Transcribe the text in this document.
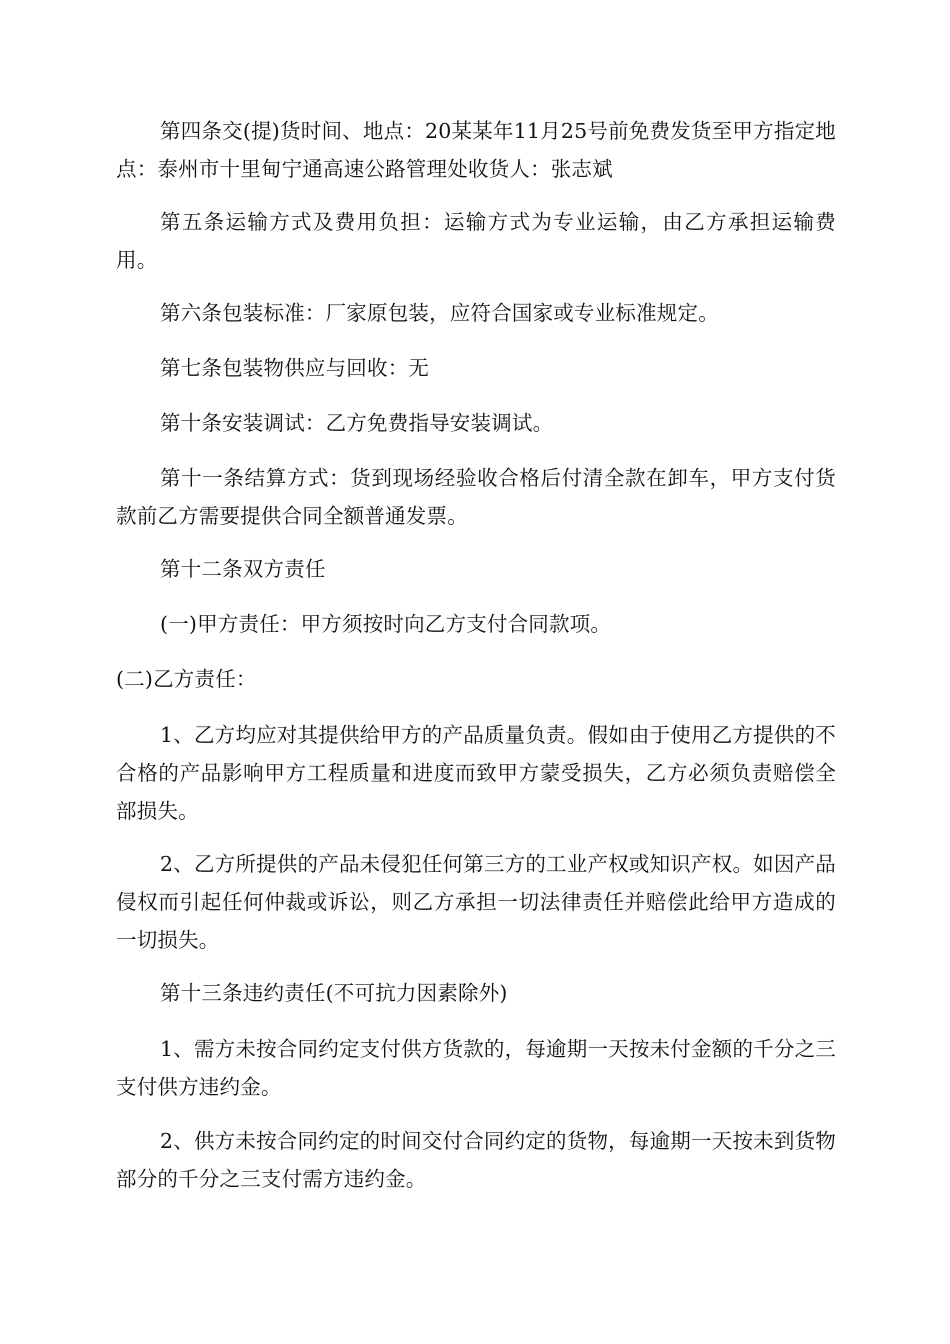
第四条交(提)货时间、地点：20某某年11月25号前免费发货至甲方指定地点：泰州市十里甸宁通高速公路管理处收货人：张志斌

第五条运输方式及费用负担：运输方式为专业运输，由乙方承担运输费用。

第六条包装标准：厂家原包装，应符合国家或专业标准规定。

第七条包装物供应与回收：无

第十条安装调试：乙方免费指导安装调试。

第十一条结算方式：货到现场经验收合格后付清全款在卸车，甲方支付货款前乙方需要提供合同全额普通发票。

第十二条双方责任

(一)甲方责任：甲方须按时向乙方支付合同款项。

(二)乙方责任：

1、乙方均应对其提供给甲方的产品质量负责。假如由于使用乙方提供的不合格的产品影响甲方工程质量和进度而致甲方蒙受损失，乙方必须负责赔偿全部损失。

2、乙方所提供的产品未侵犯任何第三方的工业产权或知识产权。如因产品侵权而引起任何仲裁或诉讼，则乙方承担一切法律责任并赔偿此给甲方造成的一切损失。

第十三条违约责任(不可抗力因素除外)

1、需方未按合同约定支付供方货款的，每逾期一天按未付金额的千分之三支付供方违约金。

2、供方未按合同约定的时间交付合同约定的货物，每逾期一天按未到货物部分的千分之三支付需方违约金。
